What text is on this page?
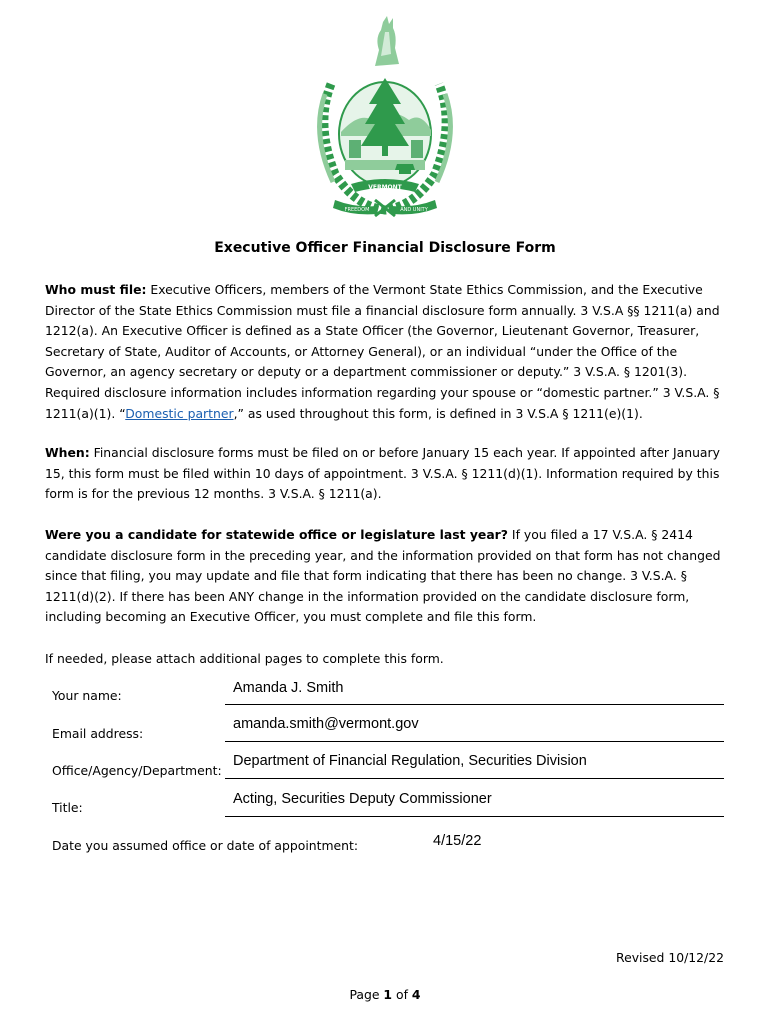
VERMONT
FREEDOM	AND UNITY
Executive Officer Financial Disclosure Form

Who must file: Executive Officers, members of the Vermont State Ethics Commission, and the Executive Director of the State Ethics Commission must file a financial disclosure form annually. 3 V.S.A §§ 1211(a) and 1212(a). An Executive Officer is defined as a State Officer (the Governor, Lieutenant Governor, Treasurer, Secretary of State, Auditor of Accounts, or Attorney General), or an individual “under the Office of the Governor, an agency secretary or deputy or a department commissioner or deputy.” 3 V.S.A. § 1201(3). Required disclosure information includes information regarding your spouse or “domestic partner.” 3 V.S.A. § 1211(a)(1). “Domestic partner,” as used throughout this form, is defined in 3 V.S.A § 1211(e)(1).

When: Financial disclosure forms must be filed on or before January 15 each year. If appointed after January 15, this form must be filed within 10 days of appointment. 3 V.S.A. § 1211(d)(1). Information required by this form is for the previous 12 months. 3 V.S.A. § 1211(a).

Were you a candidate for statewide office or legislature last year? If you filed a 17 V.S.A. § 2414 candidate disclosure form in the preceding year, and the information provided on that form has not changed since that filing, you may update and file that form indicating that there has been no change. 3 V.S.A. § 1211(d)(2). If there has been ANY change in the information provided on the candidate disclosure form, including becoming an Executive Officer, you must complete and file this form.

If needed, please attach additional pages to complete this form.

Your name:	Amanda J. Smith
Email address:
amanda.smith@vermont.gov
Office/Agency/Department:
Department of Financial Regulation, Securities Division
Title:
Acting, Securities Deputy Commissioner
Date you assumed office or date of appointment:	4/15/22
Revised 10/12/22
Page 1 of 4
